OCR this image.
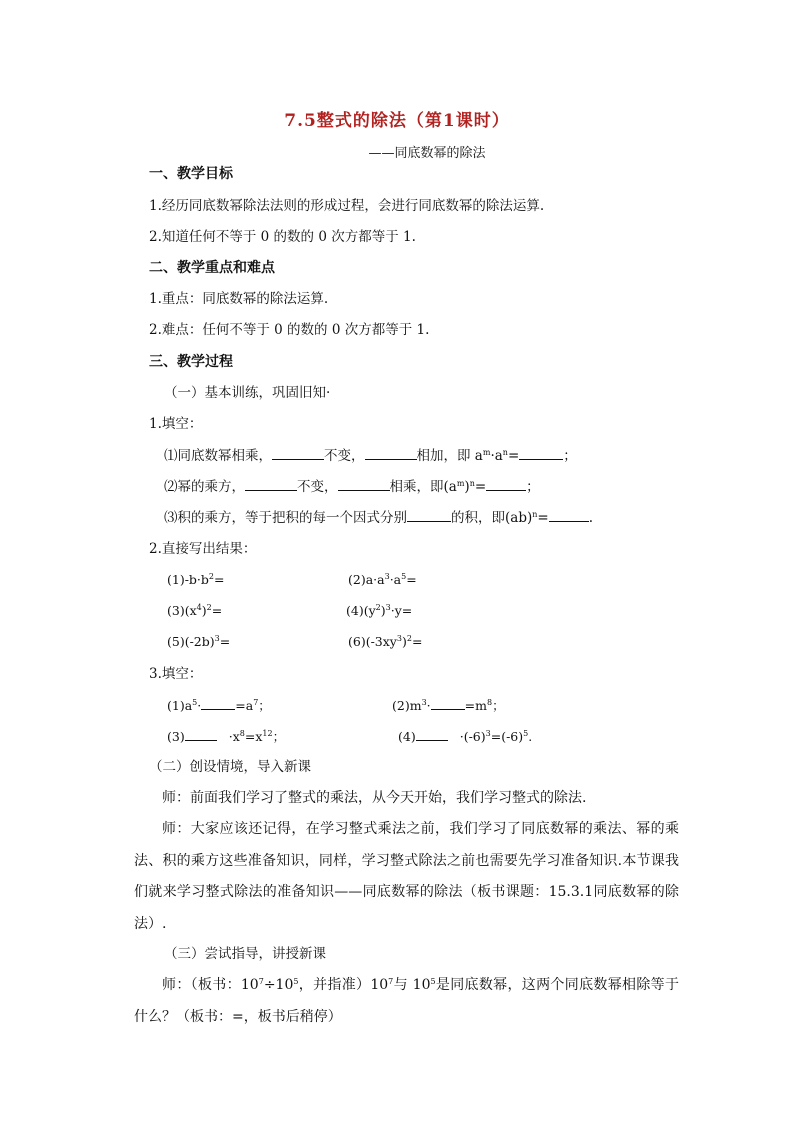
7.5整式的除法（第1课时）
——同底数幂的除法
一、教学目标
1.经历同底数幂除法法则的形成过程，会进行同底数幂的除法运算.
2.知道任何不等于 0 的数的 0 次方都等于 1.
二、教学重点和难点
1.重点：同底数幂的除法运算.
2.难点：任何不等于 0 的数的 0 次方都等于 1.
三、教学过程
（一）基本训练，巩固旧知·
1.填空：
⑴同底数幂相乘，	不变，	相加，即 $a^m\cdot a^n=$	；
⑵幂的乘方，	不变，	相乘，即$(a^m)^n=$	；
⑶积的乘方，等于把积的每一个因式分别	的积，即(ab)$^n$=	.
2.直接写出结果：
$(1)-b\cdot b^2=$	$(2)a\cdot a^3\cdot a^5=$
$(3)(x^4)^2=$	$(4)(y^2)^3\cdot y=$
$(5)(-2b)^3=$	$(6)(-3xy^3)^2=$
3.填空：
$(1)a^5\cdot$	$=a^7$；	$(2)m^3\cdot$	$=m^8$；
(3)	$\cdot x^8=x^{12}$；	(4)	$\cdot(-6)^3=(-6)^5$.
（二）创设情境，导入新课
师：前面我们学习了整式的乘法，从今天开始，我们学习整式的除法.
师：大家应该还记得，在学习整式乘法之前，我们学习了同底数幂的乘法、幂的乘法、积的乘方这些准备知识，同样，学习整式除法之前也需要先学习准备知识.本节课我们就来学习整式除法的准备知识——同底数幂的除法（板书课题：15.3.1同底数幂的除法）.
（三）尝试指导，讲授新课
师：（板书：$10^7\div 10^5$，并指准）$10^7$与 $10^5$是同底数幂，这两个同底数幂相除等于什么？（板书：=，板书后稍停）
